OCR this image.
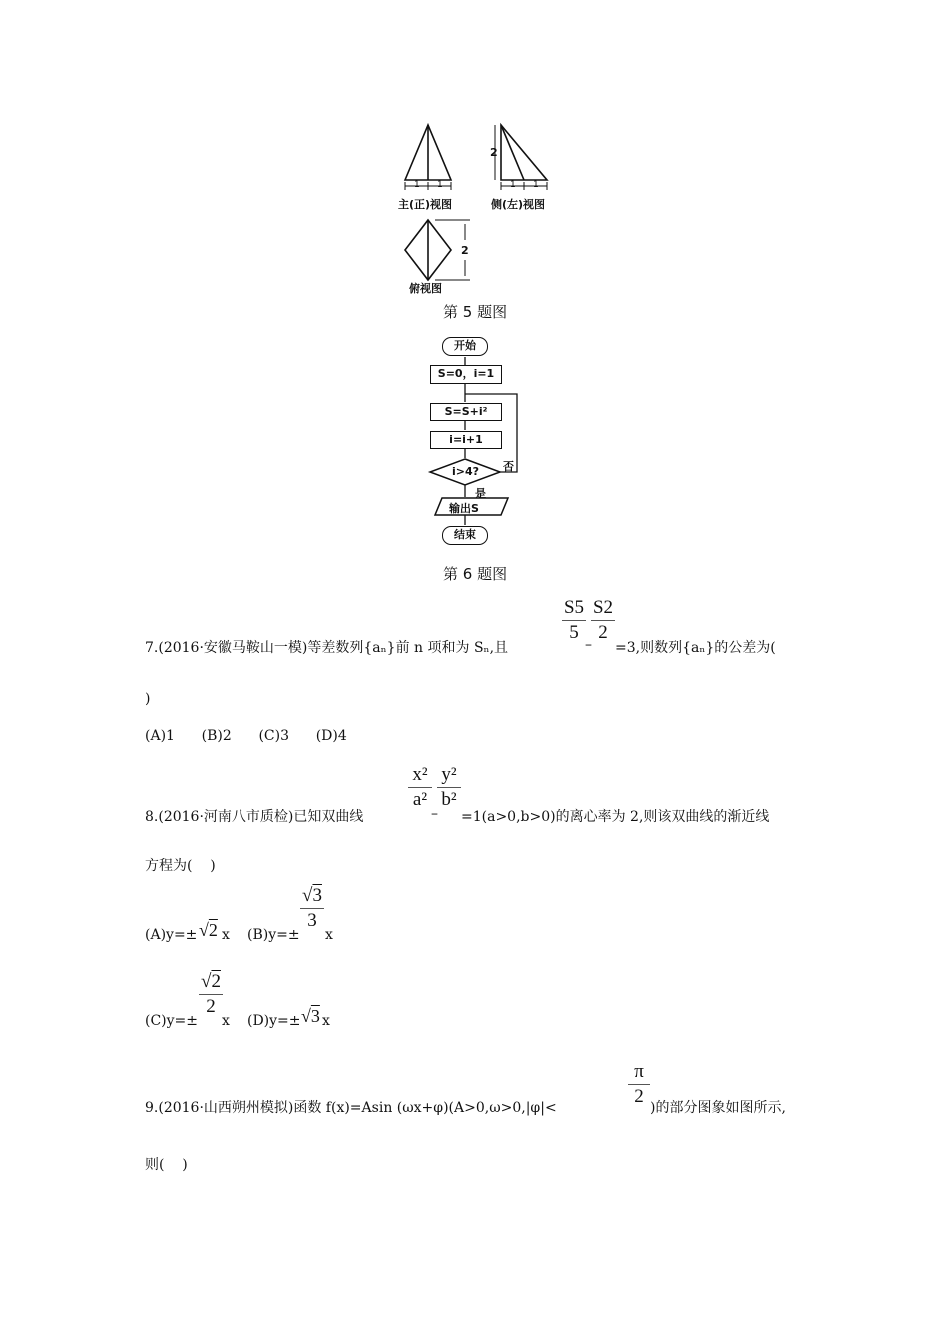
1 1	1 1
2
2
主(正)视图	侧(左)视图
俯视图
第 5 题图
开始
S=0，i=1
S=S+i²
i=i+1
i>4? 否
是
输出S
结束
第 6 题图
7.(2016·安徽马鞍山一模)等差数列{aₙ}前 n 项和为 Sₙ,且
S5
5
–
S2
2
=3,则数列{aₙ}的公差为(
)
(A)1      (B)2      (C)3      (D)4
8.(2016·河南八市质检)已知双曲线
x²
a²
–
y²
b²
=1(a>0,b>0)的离心率为 2,则该双曲线的渐近线
方程为(    )
(A)y=± √2 x (B)y=±
√3
3
x
(C)y=±
√2
2
x (D)y=± √3 x
9.(2016·山西朔州模拟)函数 f(x)=Asin (ωx+φ)(A>0,ω>0,|φ|<
π
2
)的部分图象如图所示,
则(    )
